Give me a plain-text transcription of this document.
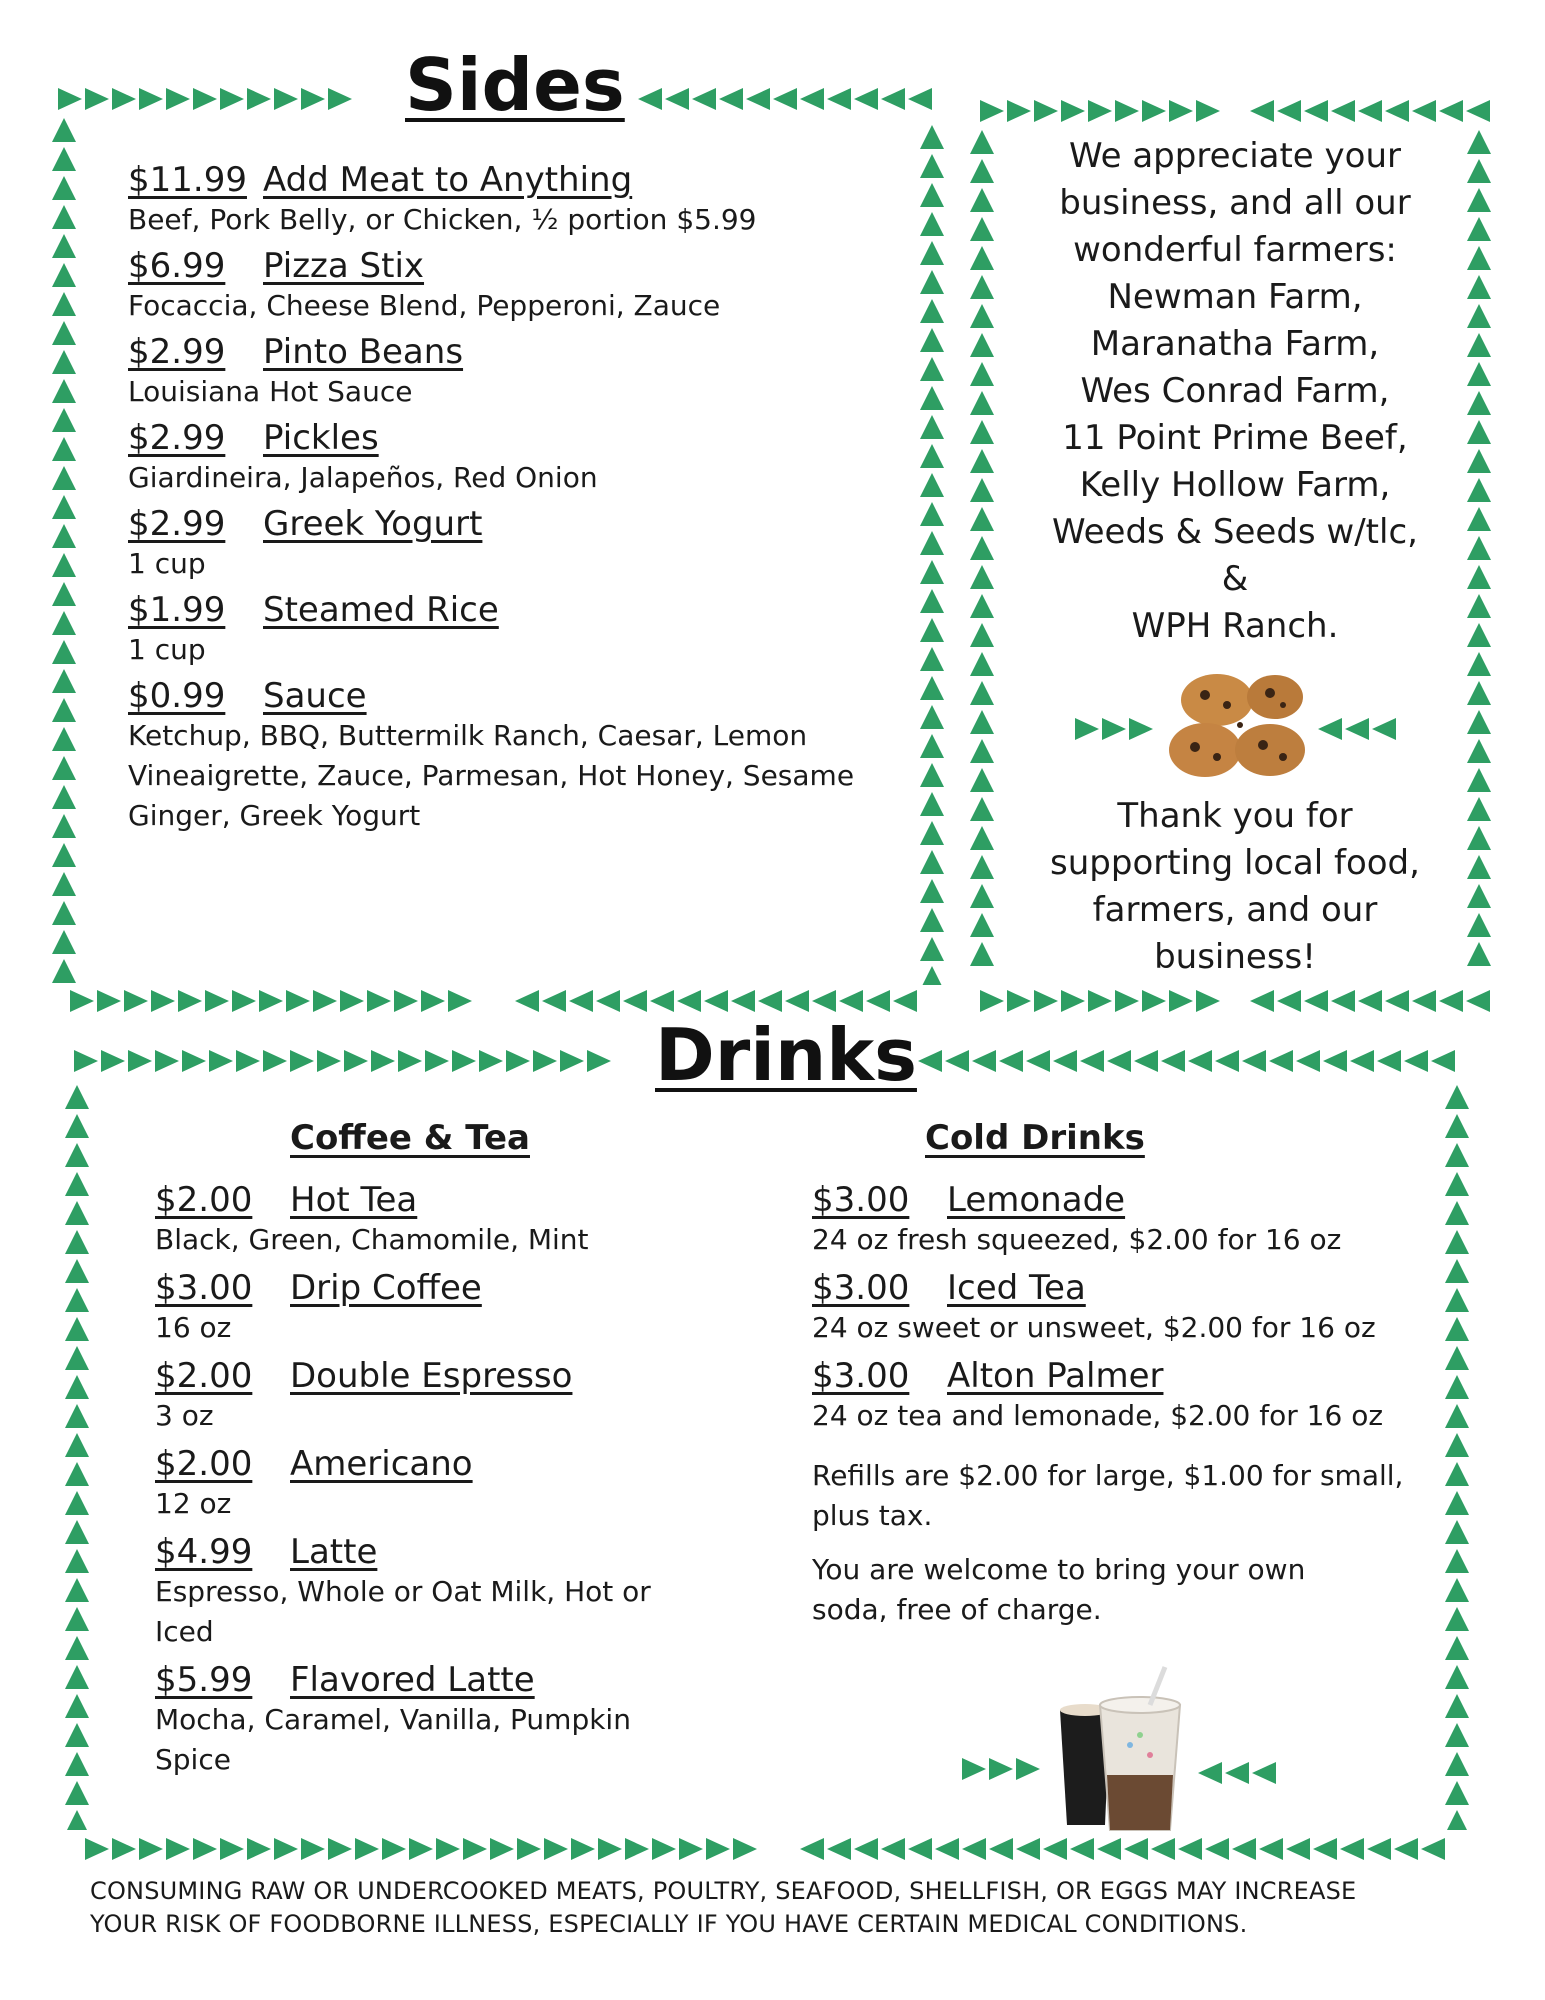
Sides
$11.99 Add Meat to Anything
Beef, Pork Belly, or Chicken, ½ portion $5.99
$6.99	Pizza Stix
Focaccia, Cheese Blend, Pepperoni, Zauce
$2.99	Pinto Beans
Louisiana Hot Sauce
$2.99	Pickles
Giardineira, Jalapeños, Red Onion
$2.99	Greek Yogurt
1 cup
$1.99	Steamed Rice
1 cup
$0.99	Sauce
Ketchup, BBQ, Buttermilk Ranch, Caesar, Lemon Vineaigrette, Zauce, Parmesan, Hot Honey, Sesame Ginger, Greek Yogurt
We appreciate your
business, and all our
wonderful farmers:
Newman Farm,
Maranatha Farm,
Wes Conrad Farm,
11 Point Prime Beef,
Kelly Hollow Farm,
Weeds & Seeds w/tlc,
&
WPH Ranch.
Thank you for
supporting local food,
farmers, and our
business!
Drinks
Coffee & Tea
$2.00	Hot Tea
Black, Green, Chamomile, Mint
$3.00	Drip Coffee
16 oz
$2.00	Double Espresso
3 oz
$2.00	Americano
12 oz
$4.99	Latte
Espresso, Whole or Oat Milk, Hot or Iced
$5.99	Flavored Latte
Mocha, Caramel, Vanilla, Pumpkin Spice
Cold Drinks
$3.00	Lemonade
24 oz fresh squeezed, $2.00 for 16 oz
$3.00	Iced Tea
24 oz sweet or unsweet, $2.00 for 16 oz
$3.00	Alton Palmer
24 oz tea and lemonade, $2.00 for 16 oz
Refills are $2.00 for large, $1.00 for small, plus tax.
You are welcome to bring your own soda, free of charge.
CONSUMING RAW OR UNDERCOOKED MEATS, POULTRY, SEAFOOD, SHELLFISH, OR EGGS MAY INCREASE
YOUR RISK OF FOODBORNE ILLNESS, ESPECIALLY IF YOU HAVE CERTAIN MEDICAL CONDITIONS.
